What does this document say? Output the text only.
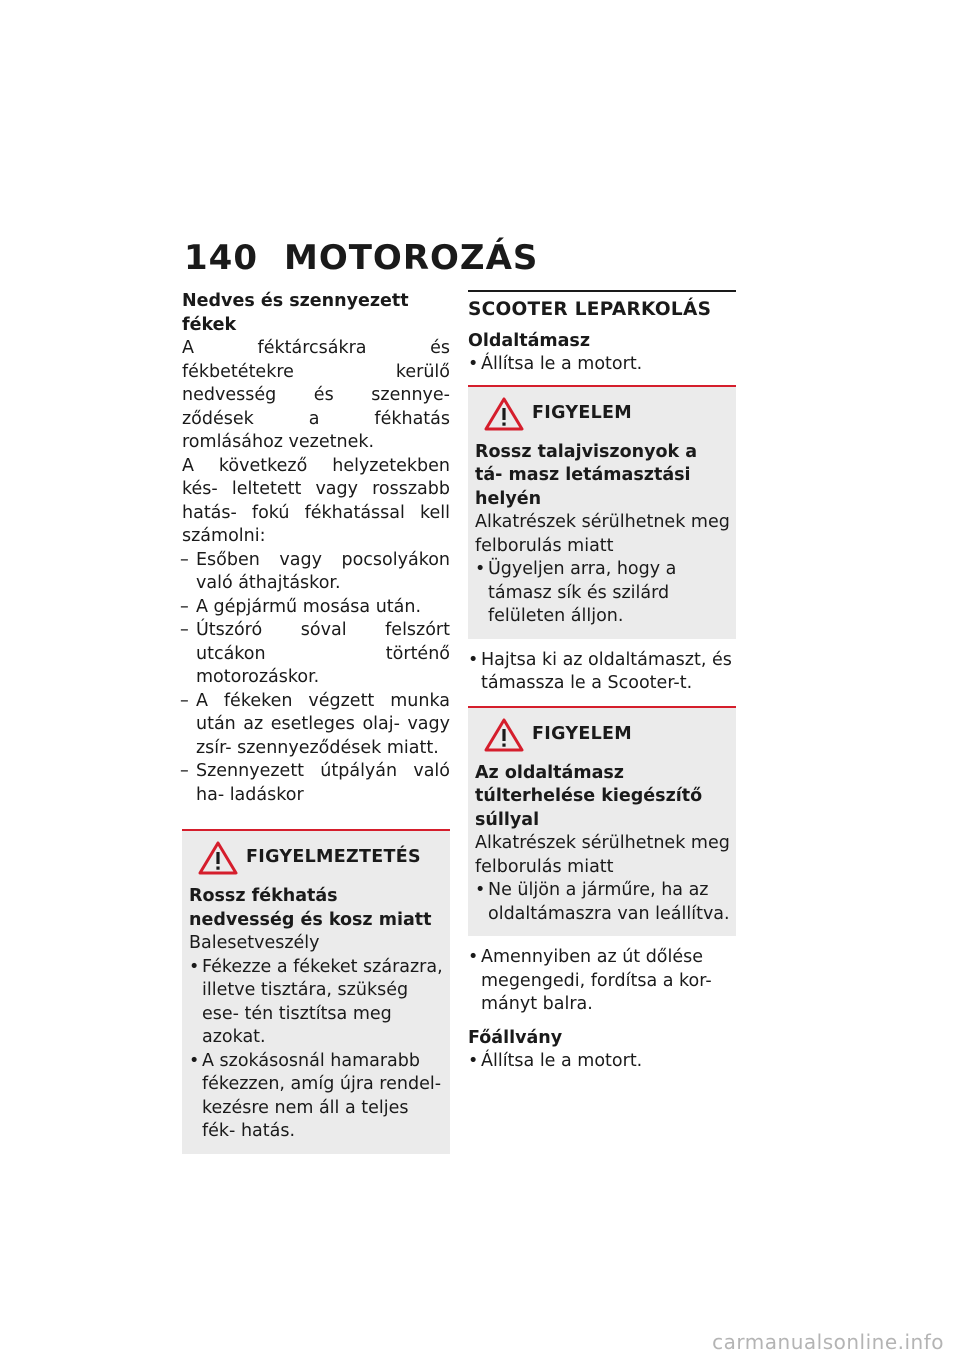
140 MOTOROZÁS

Nedves és szennyezett fékek

A féktárcsákra és fékbetétekre kerülő nedvesség és szennye- ződések a fékhatás romlásához vezetnek.

A következő helyzetekben kés- leltetett vagy rosszabb hatás- fokú fékhatással kell számolni:

– Esőben vagy pocsolyákon való áthajtáskor.
– A gépjármű mosása után.
– Útszóró sóval felszórt utcákon történő motorozáskor.
– A fékeken végzett munka után az esetleges olaj- vagy zsír- szennyeződések miatt.
– Szennyezett útpályán való ha- ladáskor
FIGYELMEZTETÉS

Rossz fékhatás nedvesség és kosz miatt

Balesetveszély

• Fékezze a fékeket szárazra, illetve tisztára, szükség ese- tén tisztítsa meg azokat.
• A szokásosnál hamarabb fékezzen, amíg újra rendel- kezésre nem áll a teljes fék- hatás.
SCOOTER LEPARKOLÁS

Oldaltámasz

• Állítsa le a motort.
FIGYELEM

Rossz talajviszonyok a tá- masz letámasztási helyén

Alkatrészek sérülhetnek meg felborulás miatt

• Ügyeljen arra, hogy a támasz sík és szilárd felületen álljon.
• Hajtsa ki az oldaltámaszt, és támassza le a Scooter-t.
FIGYELEM

Az oldaltámasz túlterhelése kiegészítő súllyal

Alkatrészek sérülhetnek meg felborulás miatt

• Ne üljön a járműre, ha az oldaltámaszra van leállítva.
• Amennyiben az út dőlése megengedi, fordítsa a kor- mányt balra.

Főállvány

• Állítsa le a motort.
carmanualsonline.info
